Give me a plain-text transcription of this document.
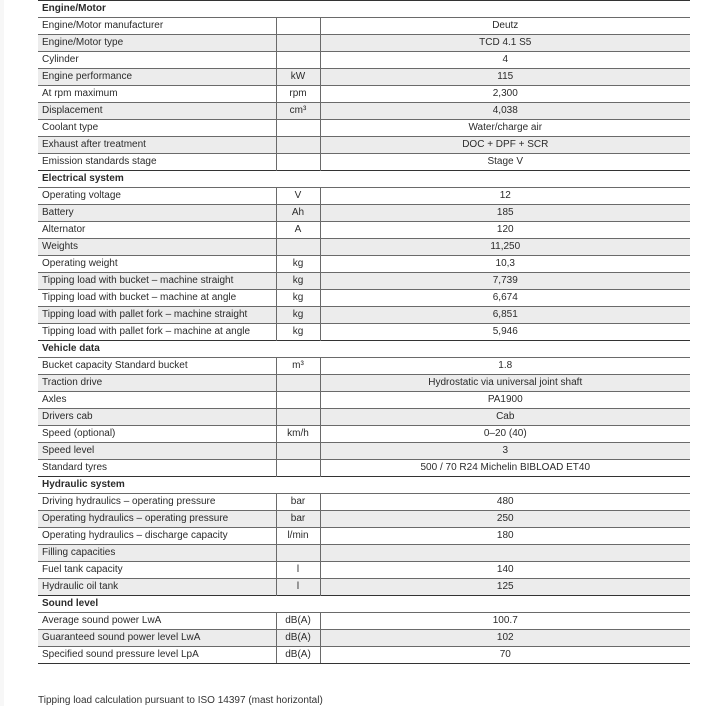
Engine/Motor		
Engine/Motor manufacturer		Deutz
Engine/Motor type		TCD 4.1 S5
Cylinder		4
Engine performance	kW	115
At rpm maximum	rpm	2,300
Displacement	cm³	4,038
Coolant type		Water/charge air
Exhaust after treatment		DOC + DPF + SCR
Emission standards stage		Stage V
Electrical system		
Operating voltage	V	12
Battery	Ah	185
Alternator	A	120
Weights		11,250
Operating weight	kg	10,3
Tipping load with bucket – machine straight	kg	7,739
Tipping load with bucket – machine at angle	kg	6,674
Tipping load with pallet fork – machine straight	kg	6,851
Tipping load with pallet fork – machine at angle	kg	5,946
Vehicle data		
Bucket capacity Standard bucket	m³	1.8
Traction drive		Hydrostatic via universal joint shaft
Axles		PA1900
Drivers cab		Cab
Speed (optional)	km/h	0–20 (40)
Speed level		3
Standard tyres		500 / 70 R24 Michelin BIBLOAD ET40
Hydraulic system		
Driving hydraulics – operating pressure	bar	480
Operating hydraulics – operating pressure	bar	250
Operating hydraulics – discharge capacity	l/min	180
Filling capacities		
Fuel tank capacity	l	140
Hydraulic oil tank	l	125
Sound level		
Average sound power LwA	dB(A)	100.7
Guaranteed sound power level LwA	dB(A)	102
Specified sound pressure level LpA	dB(A)	70
Tipping load calculation pursuant to ISO 14397 (mast horizontal)
